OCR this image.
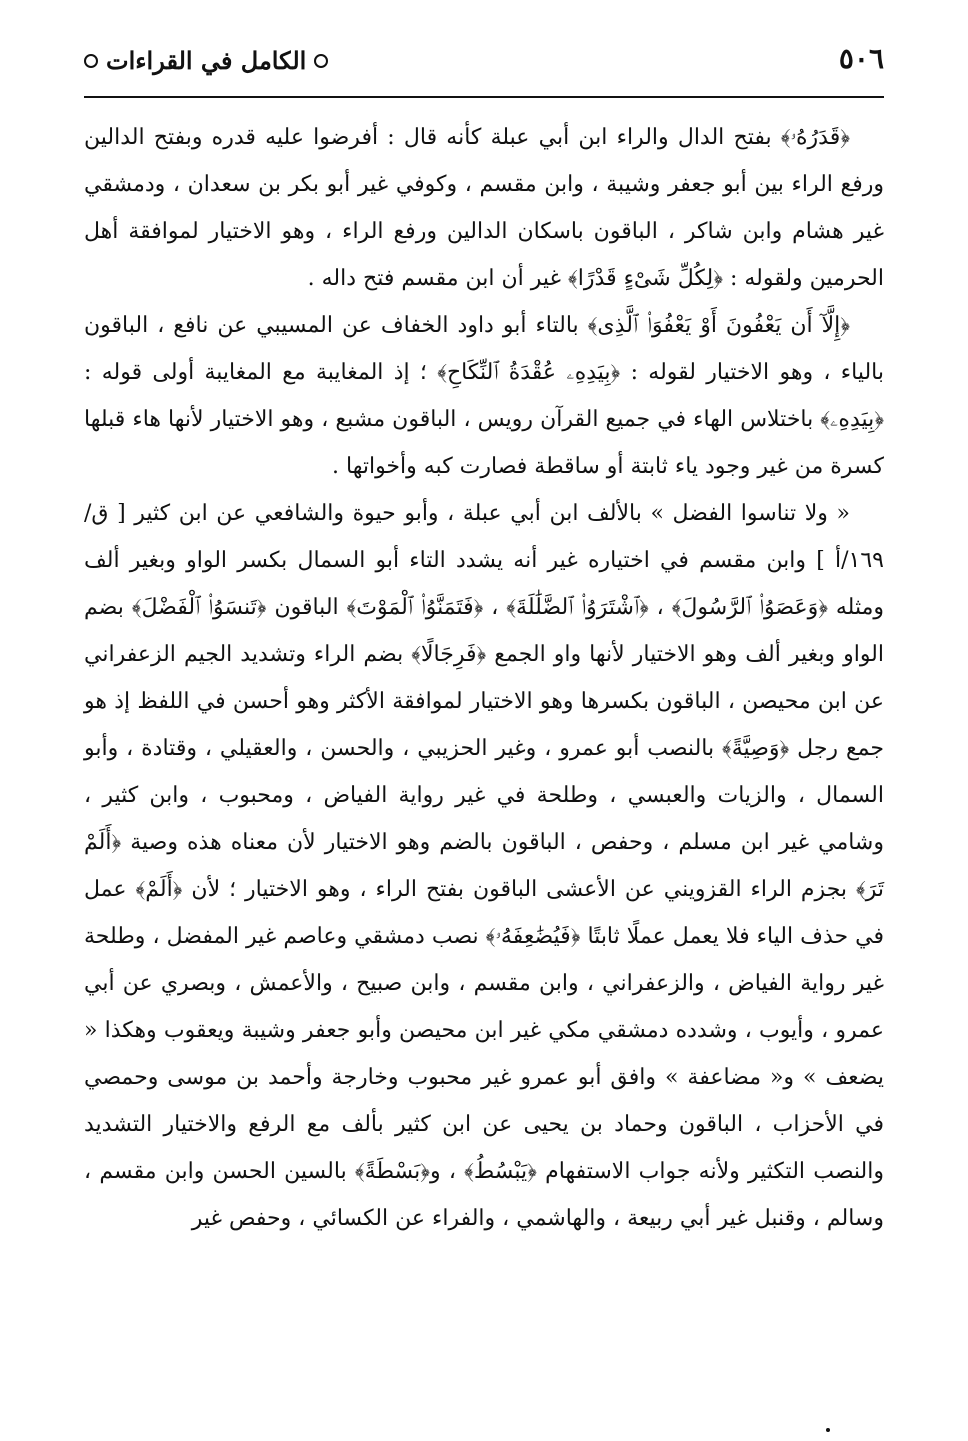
٥٠٦
الكامل في القراءات

﴿قَدَرُهُۥ﴾ بفتح الدال والراء ابن أبي عبلة كأنه قال : أفرضوا عليه قدره وبفتح الدالين ورفع الراء بين أبو جعفر وشيبة ، وابن مقسم ، وكوفي غير أبو بكر بن سعدان ، ودمشقي غير هشام وابن شاكر ، الباقون باسكان الدالين ورفع الراء ، وهو الاختيار لموافقة أهل الحرمين ولقوله : ﴿لِكُلِّ شَىْءٍ قَدْرًا﴾ غير أن ابن مقسم فتح داله .

﴿إِلَّآ أَن يَعْفُونَ أَوْ يَعْفُوَا۟ ٱلَّذِى﴾ بالتاء أبو داود الخفاف عن المسيبي عن نافع ، الباقون بالياء ، وهو الاختيار لقوله : ﴿بِيَدِهِۦ عُقْدَةُ ٱلنِّكَاحِ﴾ ؛ إذ المغايبة مع المغايبة أولى قوله : ﴿بِيَدِهِۦ﴾ باختلاس الهاء في جميع القرآن رويس ، الباقون مشبع ، وهو الاختيار لأنها هاء قبلها كسرة من غير وجود ياء ثابتة أو ساقطة فصارت كبه وأخواتها .

« ولا تناسوا الفضل » بالألف ابن أبي عبلة ، وأبو حيوة والشافعي عن ابن كثير [ ق/ ١٦٩/أ ] وابن مقسم في اختياره غير أنه يشدد التاء أبو السمال بكسر الواو وبغير ألف ومثله ﴿وَعَصَوُا۟ ٱلرَّسُولَ﴾ ، ﴿ٱشْتَرَوُا۟ ٱلضَّلَٰلَةَ﴾ ، ﴿فَتَمَنَّوُا۟ ٱلْمَوْتَ﴾ الباقون ﴿تَنسَوُا۟ ٱلْفَضْلَ﴾ بضم الواو وبغير ألف وهو الاختيار لأنها واو الجمع ﴿فَرِجَالًا﴾ بضم الراء وتشديد الجيم الزعفراني عن ابن محيصن ، الباقون بكسرها وهو الاختيار لموافقة الأكثر وهو أحسن في اللفظ إذ هو جمع رجل ﴿وَصِيَّةً﴾ بالنصب أبو عمرو ، وغير الحزيبي ، والحسن ، والعقيلي ، وقتادة ، وأبو السمال ، والزيات والعبسي ، وطلحة في غير رواية الفياض ، ومحبوب ، وابن كثير ، وشامي غير ابن مسلم ، وحفص ، الباقون بالضم وهو الاختيار لأن معناه هذه وصية ﴿أَلَمْ تَرَ﴾ بجزم الراء القزويني عن الأعشى الباقون بفتح الراء ، وهو الاختيار ؛ لأن ﴿أَلَمْ﴾ عمل في حذف الياء فلا يعمل عملًا ثابتًا ﴿فَيُضَٰعِفَهُۥ﴾ نصب دمشقي وعاصم غير المفضل ، وطلحة غير رواية الفياض ، والزعفراني ، وابن مقسم ، وابن صبيح ، والأعمش ، وبصري عن أبي عمرو ، وأيوب ، وشدده دمشقي مكي غير ابن محيصن وأبو جعفر وشيبة ويعقوب وهكذا « يضعف » و« مضاعفة » وافق أبو عمرو غير محبوب وخارجة وأحمد بن موسى وحمصي في الأحزاب ، الباقون وحماد بن يحيى عن ابن كثير بألف مع الرفع والاختيار التشديد والنصب التكثير ولأنه جواب الاستفهام ﴿يَبْسُطُ﴾ ، و﴿بَسْطَةً﴾ بالسين الحسن وابن مقسم ، وسالم ، وقنبل غير أبي ربيعة ، والهاشمي ، والفراء عن الكسائي ، وحفص غير
